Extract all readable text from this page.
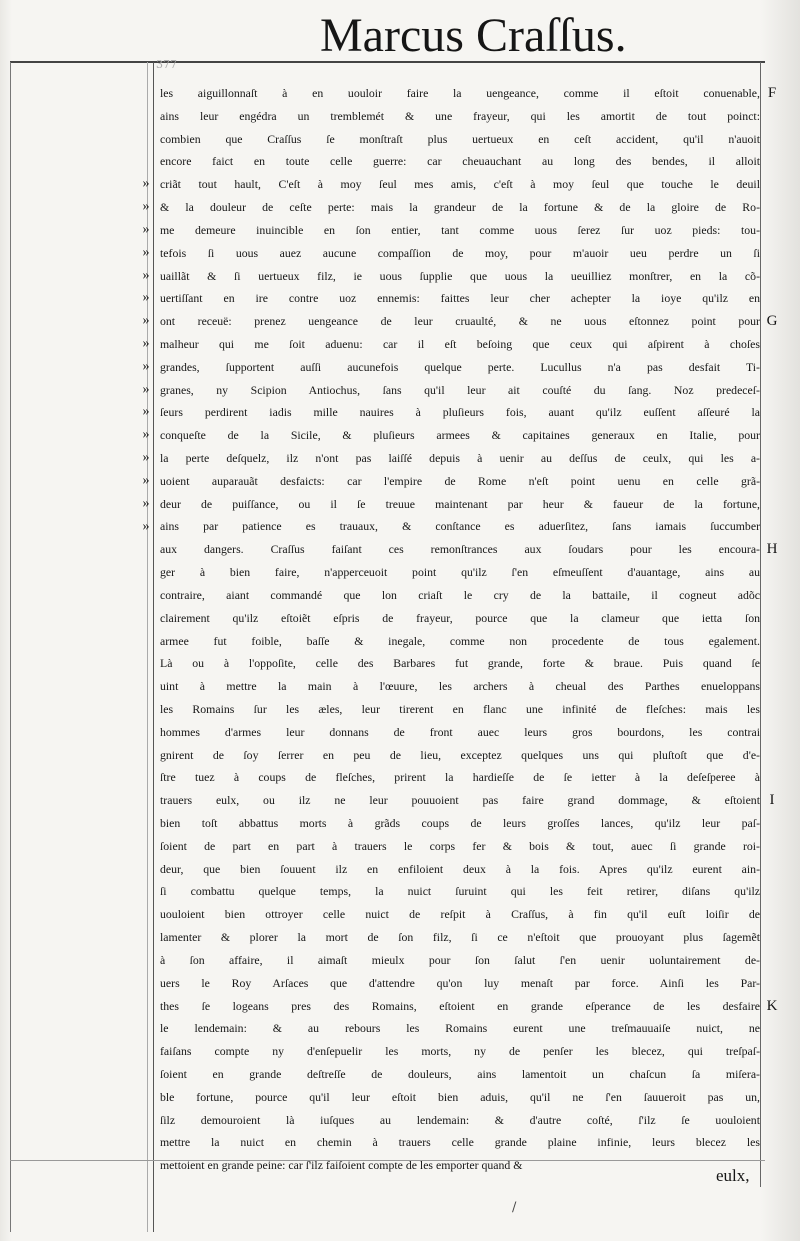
Marcus Craſſus.
377
»
»
»
»
»
»
»
»
»
»
»
»
»
»
»
»
les aiguillonnaſt à en uouloir faire la uengeance, comme il eſtoit conuenable,
ains leur engédra un tremblemét & une frayeur, qui les amortit de tout poinct:
combien que Craſſus ſe monſtraſt plus uertueux en ceſt accident, qu'il n'auoit
encore faict en toute celle guerre: car cheuauchant au long des bendes, il alloit
criãt tout hault, C'eſt à moy ſeul mes amis, c'eſt à moy ſeul que touche le deuil
& la douleur de ceſte perte: mais la grandeur de la fortune & de la gloire de Ro-
me demeure inuincible en ſon entier, tant comme uous ſerez ſur uoz pieds: tou-
tefois ſi uous auez aucune compaſſion de moy, pour m'auoir ueu perdre un ſi
uaillãt & ſi uertueux filz, ie uous ſupplie que uous la ueuilliez monſtrer, en la cõ-
uertiſſant en ire contre uoz ennemis: faittes leur cher achepter la ioye qu'ilz en
ont receuë: prenez uengeance de leur cruaulté, & ne uous eſtonnez point pour
malheur qui me ſoit aduenu: car il eſt beſoing que ceux qui aſpirent à choſes
grandes, ſupportent auſſi aucunefois quelque perte. Lucullus n'a pas desfait Ti-
granes, ny Scipion Antiochus, ſans qu'il leur ait couſté du ſang. Noz predeceſ-
ſeurs perdirent iadis mille nauires à pluſieurs fois, auant qu'ilz euſſent aſſeuré la
conqueſte de la Sicile, & pluſieurs armees & capitaines generaux en Italie, pour
la perte deſquelz, ilz n'ont pas laiſſé depuis à uenir au deſſus de ceulx, qui les a-
uoient auparauãt desfaicts: car l'empire de Rome n'eſt point uenu en celle grã-
deur de puiſſance, ou il ſe treuue maintenant par heur & faueur de la fortune,
ains par patience es trauaux, & conſtance es aduerſitez, ſans iamais ſuccumber
aux dangers. Craſſus faiſant ces remonſtrances aux ſoudars pour les encoura-
ger à bien faire, n'apperceuoit point qu'ilz ſ'en eſmeuſſent d'auantage, ains au
contraire, aiant commandé que lon criaſt le cry de la battaile, il cogneut adõc
clairement qu'ilz eſtoiẽt eſpris de frayeur, pource que la clameur que ietta ſon
armee fut foible, baſſe & inegale, comme non procedente de tous egalement.
Là ou à l'oppoſite, celle des Barbares fut grande, forte & braue. Puis quand ſe
uint à mettre la main à l'œuure, les archers à cheual des Parthes enueloppans
les Romains ſur les æles, leur tirerent en flanc une infinité de fleſches: mais les
hommes d'armes leur donnans de front auec leurs gros bourdons, les contrai
gnirent de ſoy ſerrer en peu de lieu, exceptez quelques uns qui pluſtoſt que d'e-
ſtre tuez à coups de fleſches, prirent la hardieſſe de ſe ietter à la deſeſperee à
trauers eulx, ou ilz ne leur pouuoient pas faire grand dommage, & eſtoient
bien toſt abbattus morts à grãds coups de leurs groſſes lances, qu'ilz leur paſ-
ſoient de part en part à trauers le corps fer & bois & tout, auec ſi grande roi-
deur, que bien ſouuent ilz en enfiloient deux à la fois. Apres qu'ilz eurent ain-
ſi combattu quelque temps, la nuict ſuruint qui les feit retirer, diſans qu'ilz
uouloient bien ottroyer celle nuict de reſpit à Craſſus, à fin qu'il euſt loiſir de
lamenter & plorer la mort de ſon filz, ſi ce n'eſtoit que prouoyant plus ſagemẽt
à ſon affaire, il aimaſt mieulx pour ſon ſalut ſ'en uenir uoluntairement de-
uers le Roy Arſaces que d'attendre qu'on luy menaſt par force. Ainſi les Par-
thes ſe logeans pres des Romains, eſtoient en grande eſperance de les desfaire
le lendemain: & au rebours les Romains eurent une treſmauuaiſe nuict, ne
faiſans compte ny d'enſepuelir les morts, ny de penſer les blecez, qui treſpaſ-
ſoient en grande deſtreſſe de douleurs, ains lamentoit un chaſcun ſa miſera-
ble fortune, pource qu'il leur eſtoit bien aduis, qu'il ne ſ'en ſauueroit pas un,
ſilz demouroient là iuſques au lendemain: & d'autre coſté, ſ'ilz ſe uouloient
mettre la nuict en chemin à trauers celle grande plaine infinie, leurs blecez les
mettoient en grande peine: car ſ'ilz faiſoient compte de les emporter quand &
F
G
H
I
K
eulx,
/
